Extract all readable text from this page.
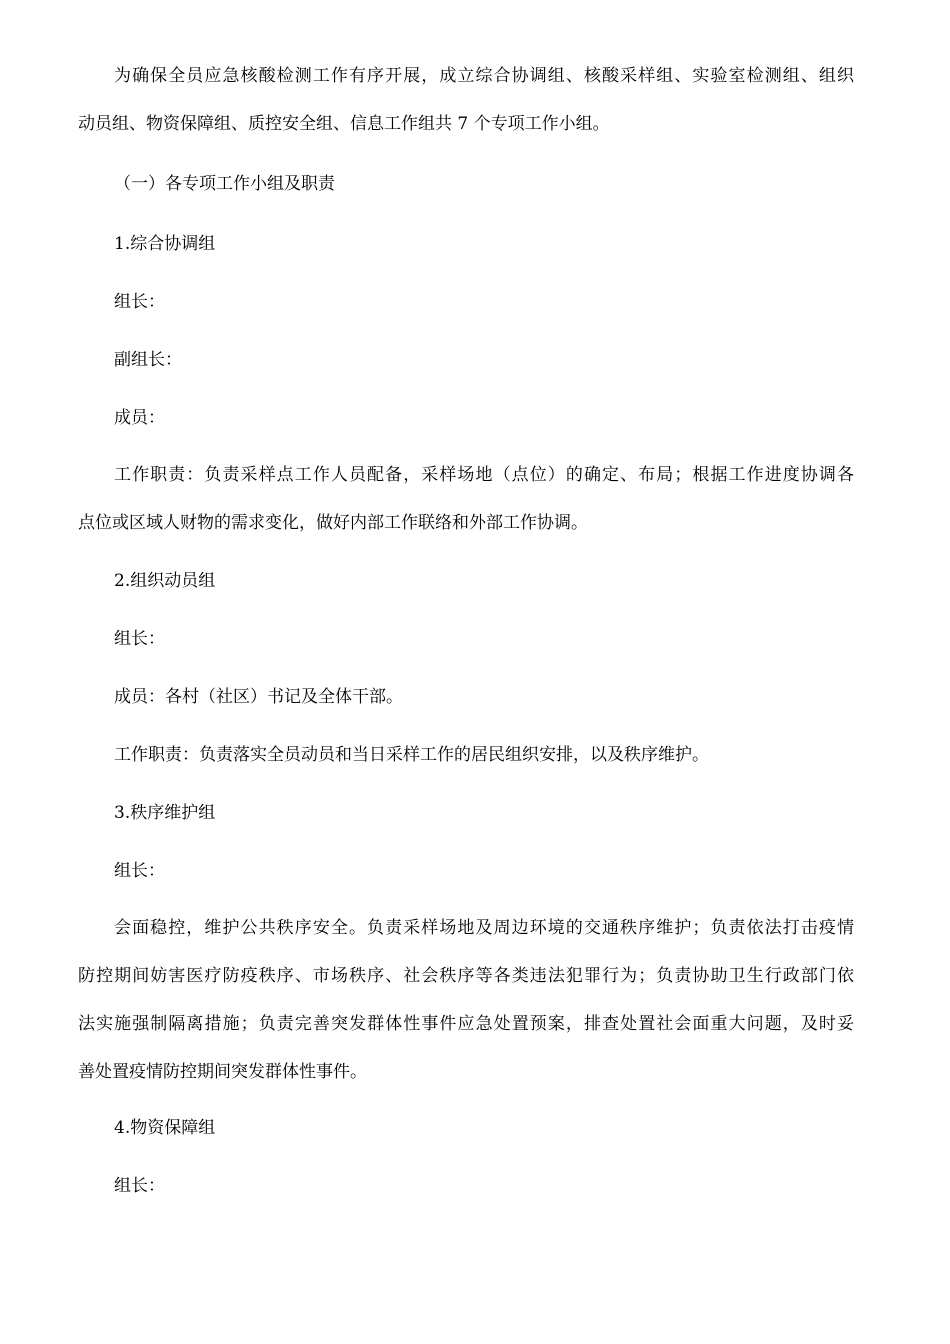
为确保全员应急核酸检测工作有序开展，成立综合协调组、核酸采样组、实验室检测组、组织
动员组、物资保障组、质控安全组、信息工作组共 7 个专项工作小组。

（一）各专项工作小组及职责

1.综合协调组

组长：

副组长：

成员：

工作职责：负责采样点工作人员配备，采样场地（点位）的确定、布局；根据工作进度协调各
点位或区域人财物的需求变化，做好内部工作联络和外部工作协调。

2.组织动员组

组长：

成员：各村（社区）书记及全体干部。

工作职责：负责落实全员动员和当日采样工作的居民组织安排，以及秩序维护。

3.秩序维护组

组长：

会面稳控，维护公共秩序安全。负责采样场地及周边环境的交通秩序维护；负责依法打击疫情
防控期间妨害医疗防疫秩序、市场秩序、社会秩序等各类违法犯罪行为；负责协助卫生行政部门依
法实施强制隔离措施；负责完善突发群体性事件应急处置预案，排查处置社会面重大问题，及时妥
善处置疫情防控期间突发群体性事件。

4.物资保障组

组长：
